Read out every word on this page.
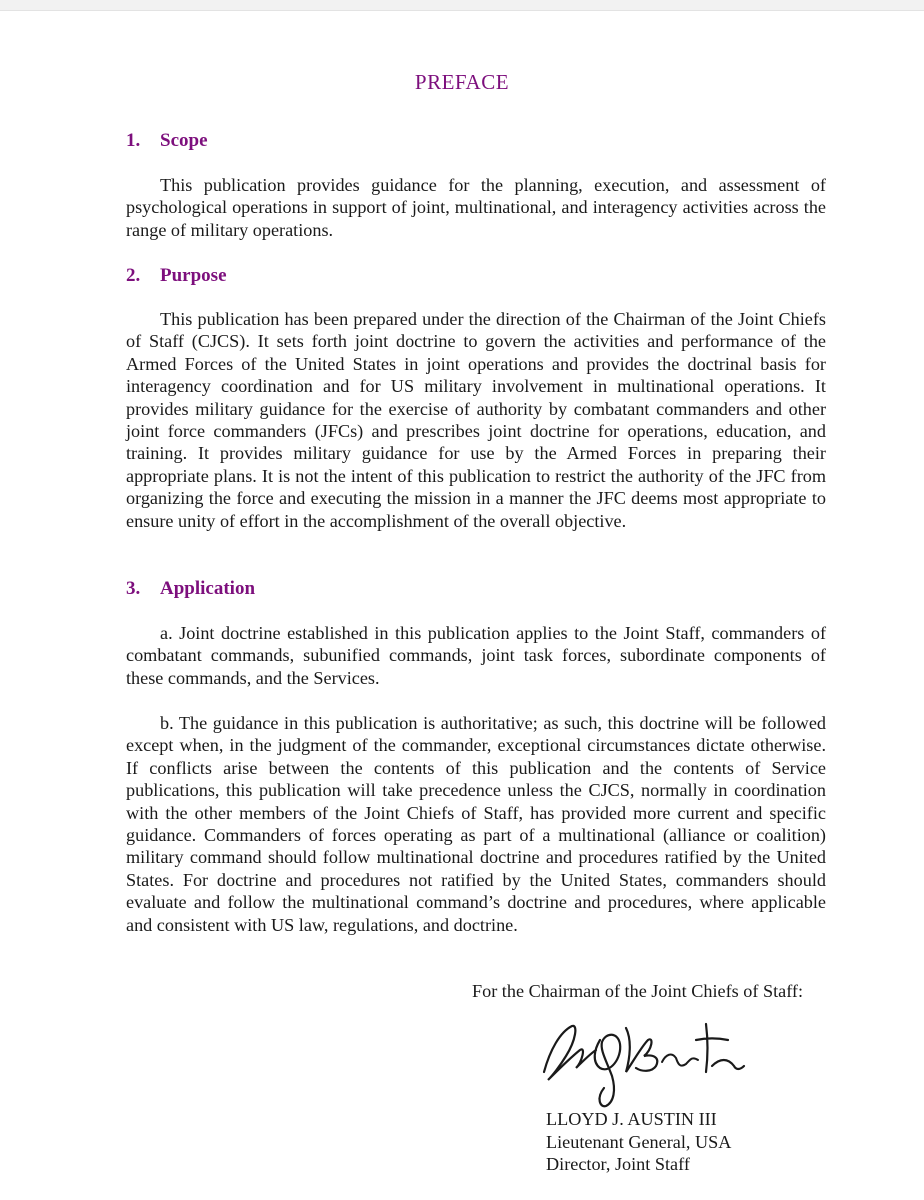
PREFACE
1. Scope

This publication provides guidance for the planning, execution, and assessment of psychological operations in support of joint, multinational, and interagency activities across the range of military operations.

2. Purpose

This publication has been prepared under the direction of the Chairman of the Joint Chiefs of Staff (CJCS). It sets forth joint doctrine to govern the activities and performance of the Armed Forces of the United States in joint operations and provides the doctrinal basis for interagency coordination and for US military involvement in multinational operations. It provides military guidance for the exercise of authority by combatant commanders and other joint force commanders (JFCs) and prescribes joint doctrine for operations, education, and training. It provides military guidance for use by the Armed Forces in preparing their appropriate plans. It is not the intent of this publication to restrict the authority of the JFC from organizing the force and executing the mission in a manner the JFC deems most appropriate to ensure unity of effort in the accomplishment of the overall objective.

3. Application

a. Joint doctrine established in this publication applies to the Joint Staff, commanders of combatant commands, subunified commands, joint task forces, subordinate components of these commands, and the Services.

b. The guidance in this publication is authoritative; as such, this doctrine will be followed except when, in the judgment of the commander, exceptional circumstances dictate otherwise. If conflicts arise between the contents of this publication and the contents of Service publications, this publication will take precedence unless the CJCS, normally in coordination with the other members of the Joint Chiefs of Staff, has provided more current and specific guidance. Commanders of forces operating as part of a multinational (alliance or coalition) military command should follow multinational doctrine and procedures ratified by the United States. For doctrine and procedures not ratified by the United States, commanders should evaluate and follow the multinational command’s doctrine and procedures, where applicable and consistent with US law, regulations, and doctrine.

For the Chairman of the Joint Chiefs of Staff:
LLOYD J. AUSTIN III
Lieutenant General, USA
Director, Joint Staff
